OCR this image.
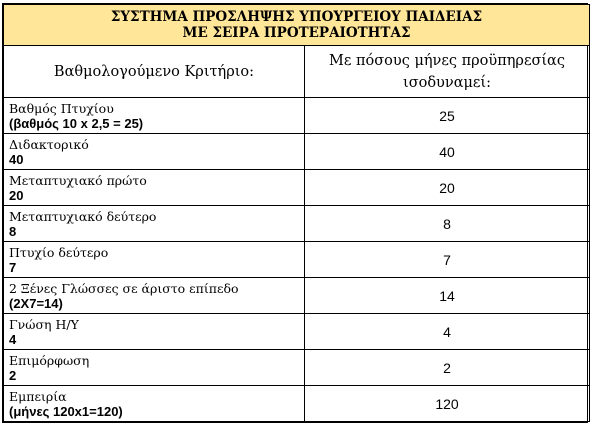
ΣΥΣΤΗΜΑ ΠΡΟΣΛΗΨΗΣ ΥΠΟΥΡΓΕΙΟΥ ΠΑΙΔΕΙΑΣ
ΜΕ ΣΕΙΡΑ ΠΡΟΤΕΡΑΙΟΤΗΤΑΣ	

Βαθμολογούμενο Κριτήριο:	Με πόσους μήνες προϋπηρεσίας
ισοδυναμεί:

Βαθμός Πτυχίου
(βαθμός 10 x 2,5 = 25)	25

Διδακτορικό
40	40

Μεταπτυχιακό πρώτο
20	20

Μεταπτυχιακό δεύτερο
8	8

Πτυχίο δεύτερο
7	7

2 Ξένες Γλώσσες σε άριστο επίπεδο
(2Χ7=14)	14

Γνώση Η/Υ
4	4

Επιμόρφωση
2	2

Εμπειρία
(μήνες 120x1=120)	120
